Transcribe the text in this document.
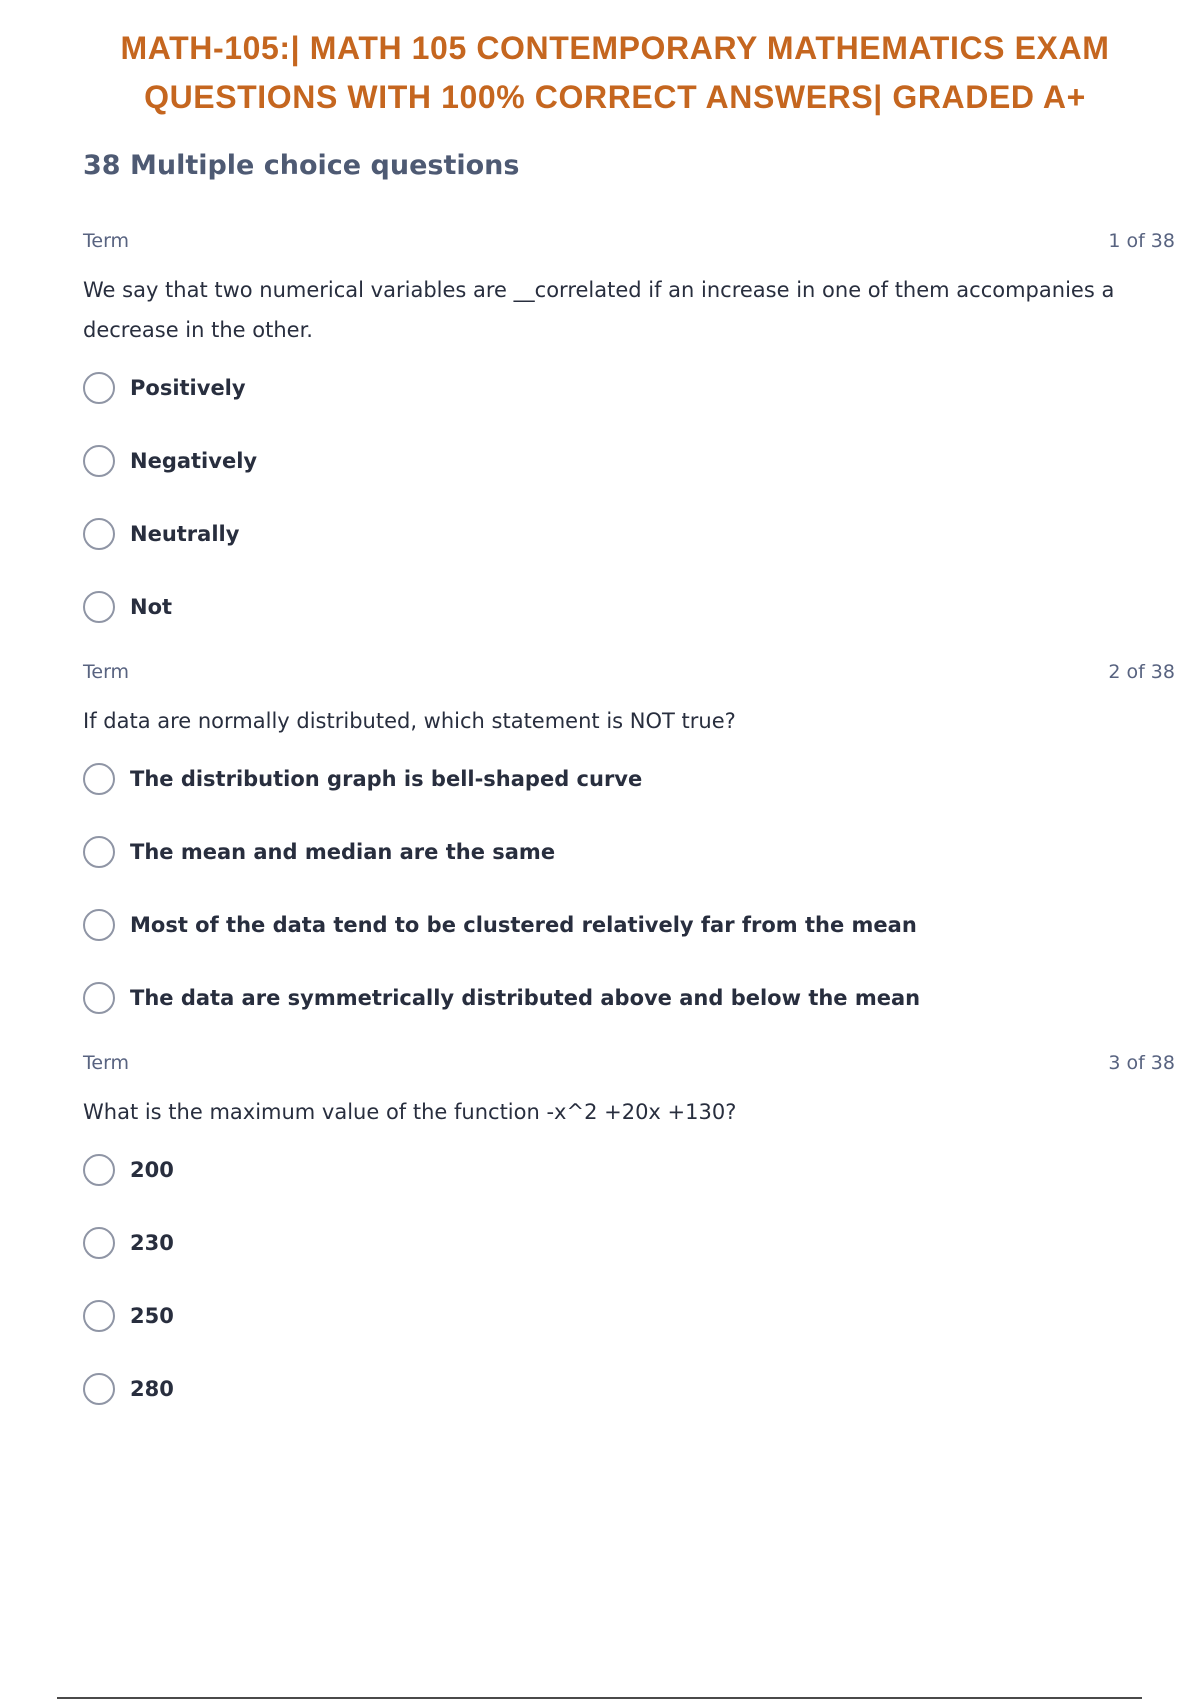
MATH-105:| MATH 105 CONTEMPORARY MATHEMATICS EXAM
QUESTIONS WITH 100% CORRECT ANSWERS| GRADED A+
38 Multiple choice questions
Term	1 of 38
We say that two numerical variables are __correlated if an increase in one of them accompanies a decrease in the other.
Positively
Negatively
Neutrally
Not
Term	2 of 38
If data are normally distributed, which statement is NOT true?
The distribution graph is bell-shaped curve
The mean and median are the same
Most of the data tend to be clustered relatively far from the mean
The data are symmetrically distributed above and below the mean
Term	3 of 38
What is the maximum value of the function -x^2 +20x +130?
200
230
250
280
